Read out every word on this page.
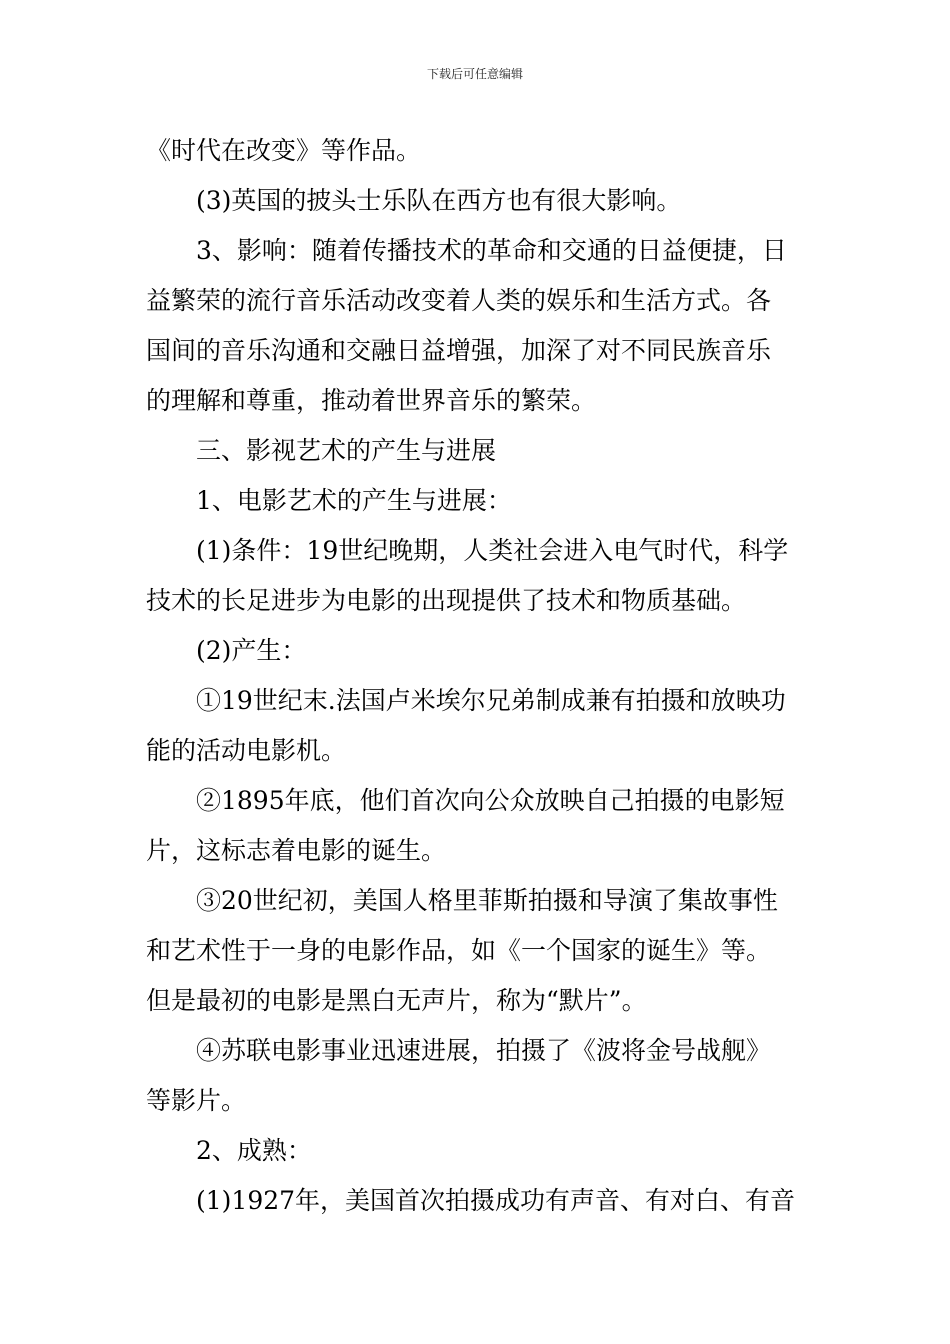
下载后可任意编辑
《时代在改变》等作品。
(3)英国的披头士乐队在西方也有很大影响。
3、影响：随着传播技术的革命和交通的日益便捷，日
益繁荣的流行音乐活动改变着人类的娱乐和生活方式。各
国间的音乐沟通和交融日益增强，加深了对不同民族音乐
的理解和尊重，推动着世界音乐的繁荣。
三、影视艺术的产生与进展
1、电影艺术的产生与进展：
(1)条件：19世纪晚期，人类社会进入电气时代，科学
技术的长足进步为电影的出现提供了技术和物质基础。
(2)产生：
①19世纪末.法国卢米埃尔兄弟制成兼有拍摄和放映功
能的活动电影机。
②1895年底，他们首次向公众放映自己拍摄的电影短
片，这标志着电影的诞生。
③20世纪初，美国人格里菲斯拍摄和导演了集故事性
和艺术性于一身的电影作品，如《一个国家的诞生》等。
但是最初的电影是黑白无声片，称为“默片”。
④苏联电影事业迅速进展，拍摄了《波将金号战舰》
等影片。
2、成熟：
(1)1927年，美国首次拍摄成功有声音、有对白、有音
